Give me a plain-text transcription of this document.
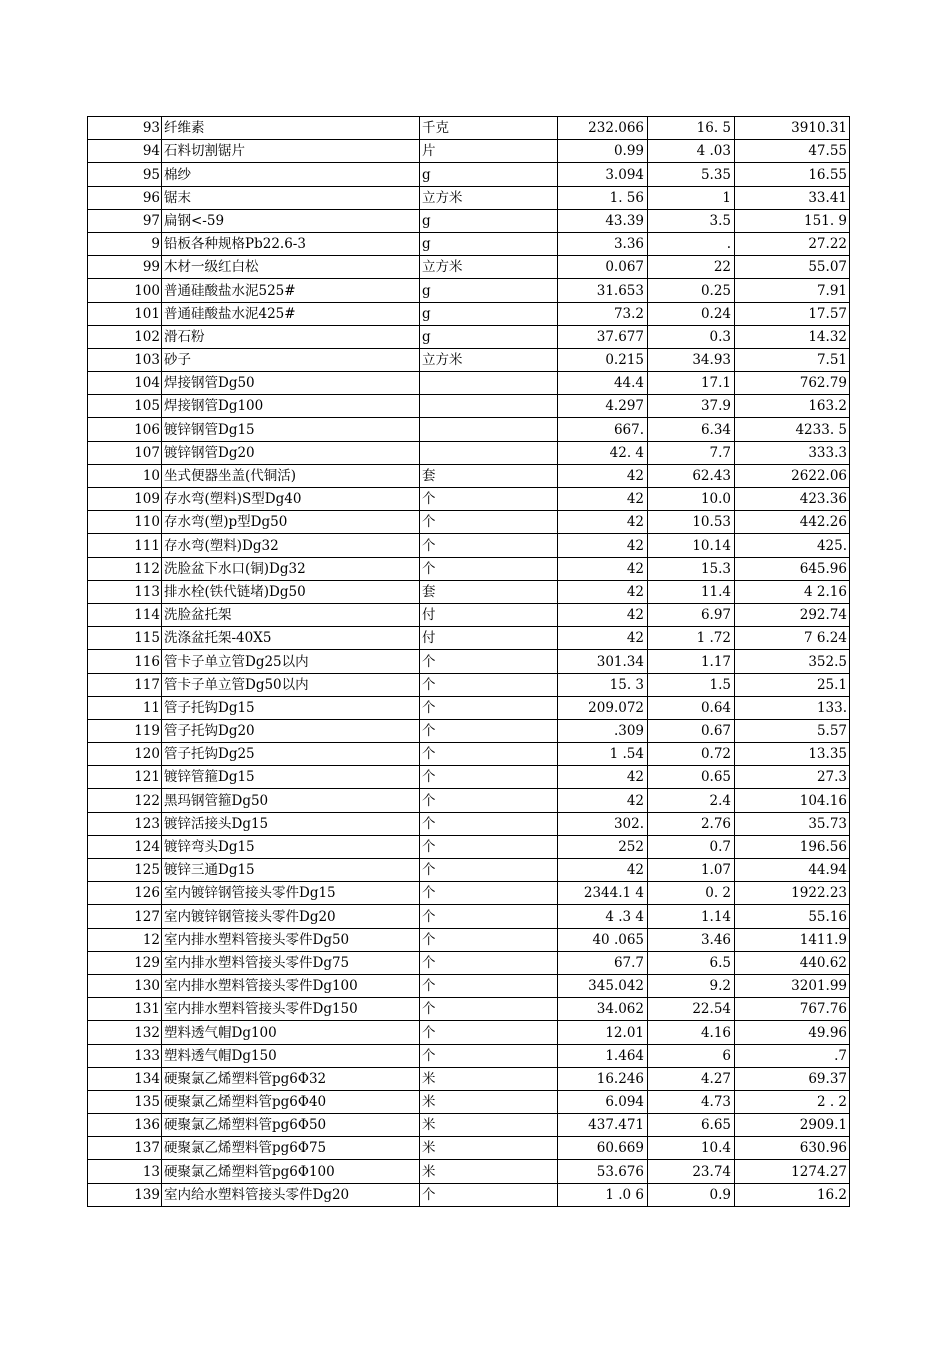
93	纤维素	千克	232.066	16. 5	3910.31
94	石料切割锯片	片	0.99	4 .03	47.55
95	棉纱	g	3.094	5.35	16.55
96	锯末	立方米	1. 56	1	33.41
97	扁钢<-59	g	43.39	3.5	151. 9
9	铅板各种规格Pb22.6-3	g	3.36	.	27.22
99	木材一级红白松	立方米	0.067	22	55.07
100	普通硅酸盐水泥525#	g	31.653	0.25	7.91
101	普通硅酸盐水泥425#	g	73.2	0.24	17.57
102	滑石粉	g	37.677	0.3	14.32
103	砂子	立方米	0.215	34.93	7.51
104	焊接钢管Dg50		44.4	17.1	762.79
105	焊接钢管Dg100		4.297	37.9	163.2
106	镀锌钢管Dg15		667.	6.34	4233. 5
107	镀锌钢管Dg20		42. 4	7.7	333.3
10	坐式便器坐盖(代铜活)	套	42	62.43	2622.06
109	存水弯(塑料)S型Dg40	个	42	10.0	423.36
110	存水弯(塑)p型Dg50	个	42	10.53	442.26
111	存水弯(塑料)Dg32	个	42	10.14	425.
112	洗脸盆下水口(铜)Dg32	个	42	15.3	645.96
113	排水栓(铁代链堵)Dg50	套	42	11.4	4 2.16
114	洗脸盆托架	付	42	6.97	292.74
115	洗涤盆托架-40X5	付	42	1 .72	7 6.24
116	管卡子单立管Dg25以内	个	301.34	1.17	352.5
117	管卡子单立管Dg50以内	个	15. 3	1.5	25.1
11	管子托钩Dg15	个	209.072	0.64	133.
119	管子托钩Dg20	个	.309	0.67	5.57
120	管子托钩Dg25	个	1 .54	0.72	13.35
121	镀锌管箍Dg15	个	42	0.65	27.3
122	黑玛钢管箍Dg50	个	42	2.4	104.16
123	镀锌活接头Dg15	个	302.	2.76	35.73
124	镀锌弯头Dg15	个	252	0.7	196.56
125	镀锌三通Dg15	个	42	1.07	44.94
126	室内镀锌钢管接头零件Dg15	个	2344.1 4	0. 2	1922.23
127	室内镀锌钢管接头零件Dg20	个	4 .3 4	1.14	55.16
12	室内排水塑料管接头零件Dg50	个	40 .065	3.46	1411.9
129	室内排水塑料管接头零件Dg75	个	67.7	6.5	440.62
130	室内排水塑料管接头零件Dg100	个	345.042	9.2	3201.99
131	室内排水塑料管接头零件Dg150	个	34.062	22.54	767.76
132	塑料透气帽Dg100	个	12.01	4.16	49.96
133	塑料透气帽Dg150	个	1.464	6	.7
134	硬聚氯乙烯塑料管pg6Φ32	米	16.246	4.27	69.37
135	硬聚氯乙烯塑料管pg6Φ40	米	6.094	4.73	2 . 2
136	硬聚氯乙烯塑料管pg6Φ50	米	437.471	6.65	2909.1
137	硬聚氯乙烯塑料管pg6Φ75	米	60.669	10.4	630.96
13	硬聚氯乙烯塑料管pg6Φ100	米	53.676	23.74	1274.27
139	室内给水塑料管接头零件Dg20	个	1 .0 6	0.9	16.2
